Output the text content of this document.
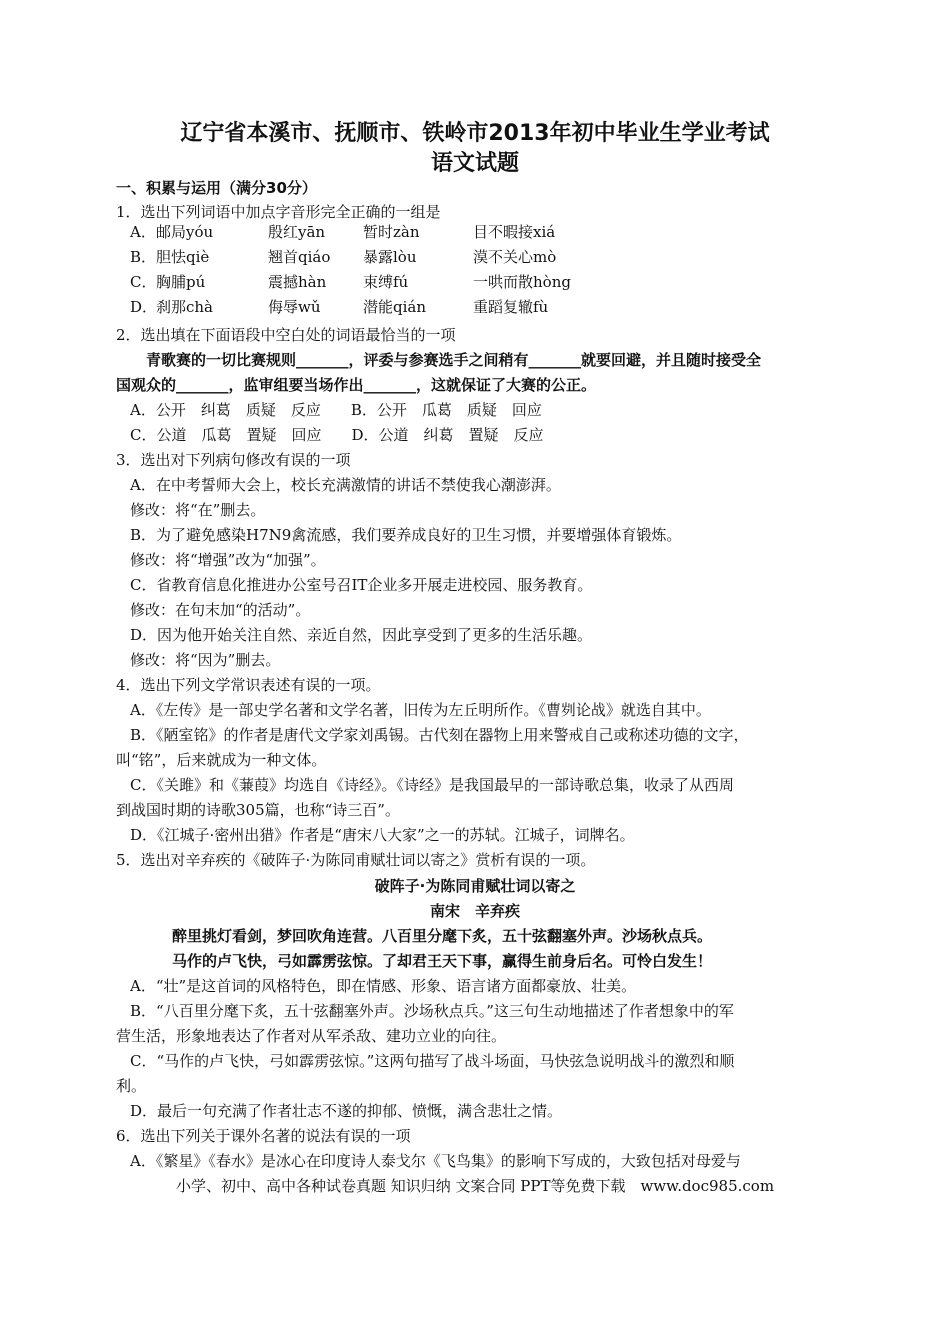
辽宁省本溪市、抚顺市、铁岭市2013年初中毕业生学业考试
语文试题
一、积累与运用（满分30分）
1．选出下列词语中加点字音形完全正确的一组是
A．邮局yóu	殷红yān	暂时zàn	目不暇接xiá
B．胆怯qiè	翘首qiáo 暴露lòu	漠不关心mò
C．胸脯pú	震撼hàn 束缚fú	一哄而散hòng
D．刹那chà	侮辱wǔ	潜能qián	重蹈复辙fù
2．选出填在下面语段中空白处的词语最恰当的一项
青歌赛的一切比赛规则_______，评委与参赛选手之间稍有_______就要回避，并且随时接受全
国观众的_______，监审组要当场作出_______，这就保证了大赛的公正。
A．公开　纠葛　质疑　反应　　B．公开　瓜葛　质疑　回应
C．公道　瓜葛　置疑　回应　　D．公道　纠葛　置疑　反应
3．选出对下列病句修改有误的一项
A．在中考誓师大会上，校长充满激情的讲话不禁使我心潮澎湃。
修改：将“在”删去。
B．为了避免感染H7N9禽流感，我们要养成良好的卫生习惯，并要增强体育锻炼。
修改：将“增强”改为“加强”。
C．省教育信息化推进办公室号召IT企业多开展走进校园、服务教育。
修改：在句末加“的活动”。
D．因为他开始关注自然、亲近自然，因此享受到了更多的生活乐趣。
修改：将“因为”删去。
4．选出下列文学常识表述有误的一项。
A．《左传》是一部史学名著和文学名著，旧传为左丘明所作。《曹刿论战》就选自其中。
B．《陋室铭》的作者是唐代文学家刘禹锡。古代刻在器物上用来警戒自己或称述功德的文字，
叫“铭”，后来就成为一种文体。
C．《关雎》和《蒹葭》均选自《诗经》。《诗经》是我国最早的一部诗歌总集，收录了从西周
到战国时期的诗歌305篇，也称“诗三百”。
D．《江城子·密州出猎》作者是“唐宋八大家”之一的苏轼。江城子，词牌名。
5．选出对辛弃疾的《破阵子·为陈同甫赋壮词以寄之》赏析有误的一项。
破阵子·为陈同甫赋壮词以寄之
南宋　辛弃疾
醉里挑灯看剑，梦回吹角连营。八百里分麾下炙，五十弦翻塞外声。沙场秋点兵。
马作的卢飞快，弓如霹雳弦惊。了却君王天下事，赢得生前身后名。可怜白发生！
A．“壮”是这首词的风格特色，即在情感、形象、语言诸方面都豪放、壮美。
B．“八百里分麾下炙，五十弦翻塞外声。沙场秋点兵。”这三句生动地描述了作者想象中的军
营生活，形象地表达了作者对从军杀敌、建功立业的向往。
C．“马作的卢飞快，弓如霹雳弦惊。”这两句描写了战斗场面，马快弦急说明战斗的激烈和顺
利。
D．最后一句充满了作者壮志不遂的抑郁、愤慨，满含悲壮之情。
6．选出下列关于课外名著的说法有误的一项
A．《繁星》《春水》是冰心在印度诗人泰戈尔《飞鸟集》的影响下写成的，大致包括对母爱与
小学、初中、高中各种试卷真题 知识归纳 文案合同 PPT等免费下载　www.doc985.com
